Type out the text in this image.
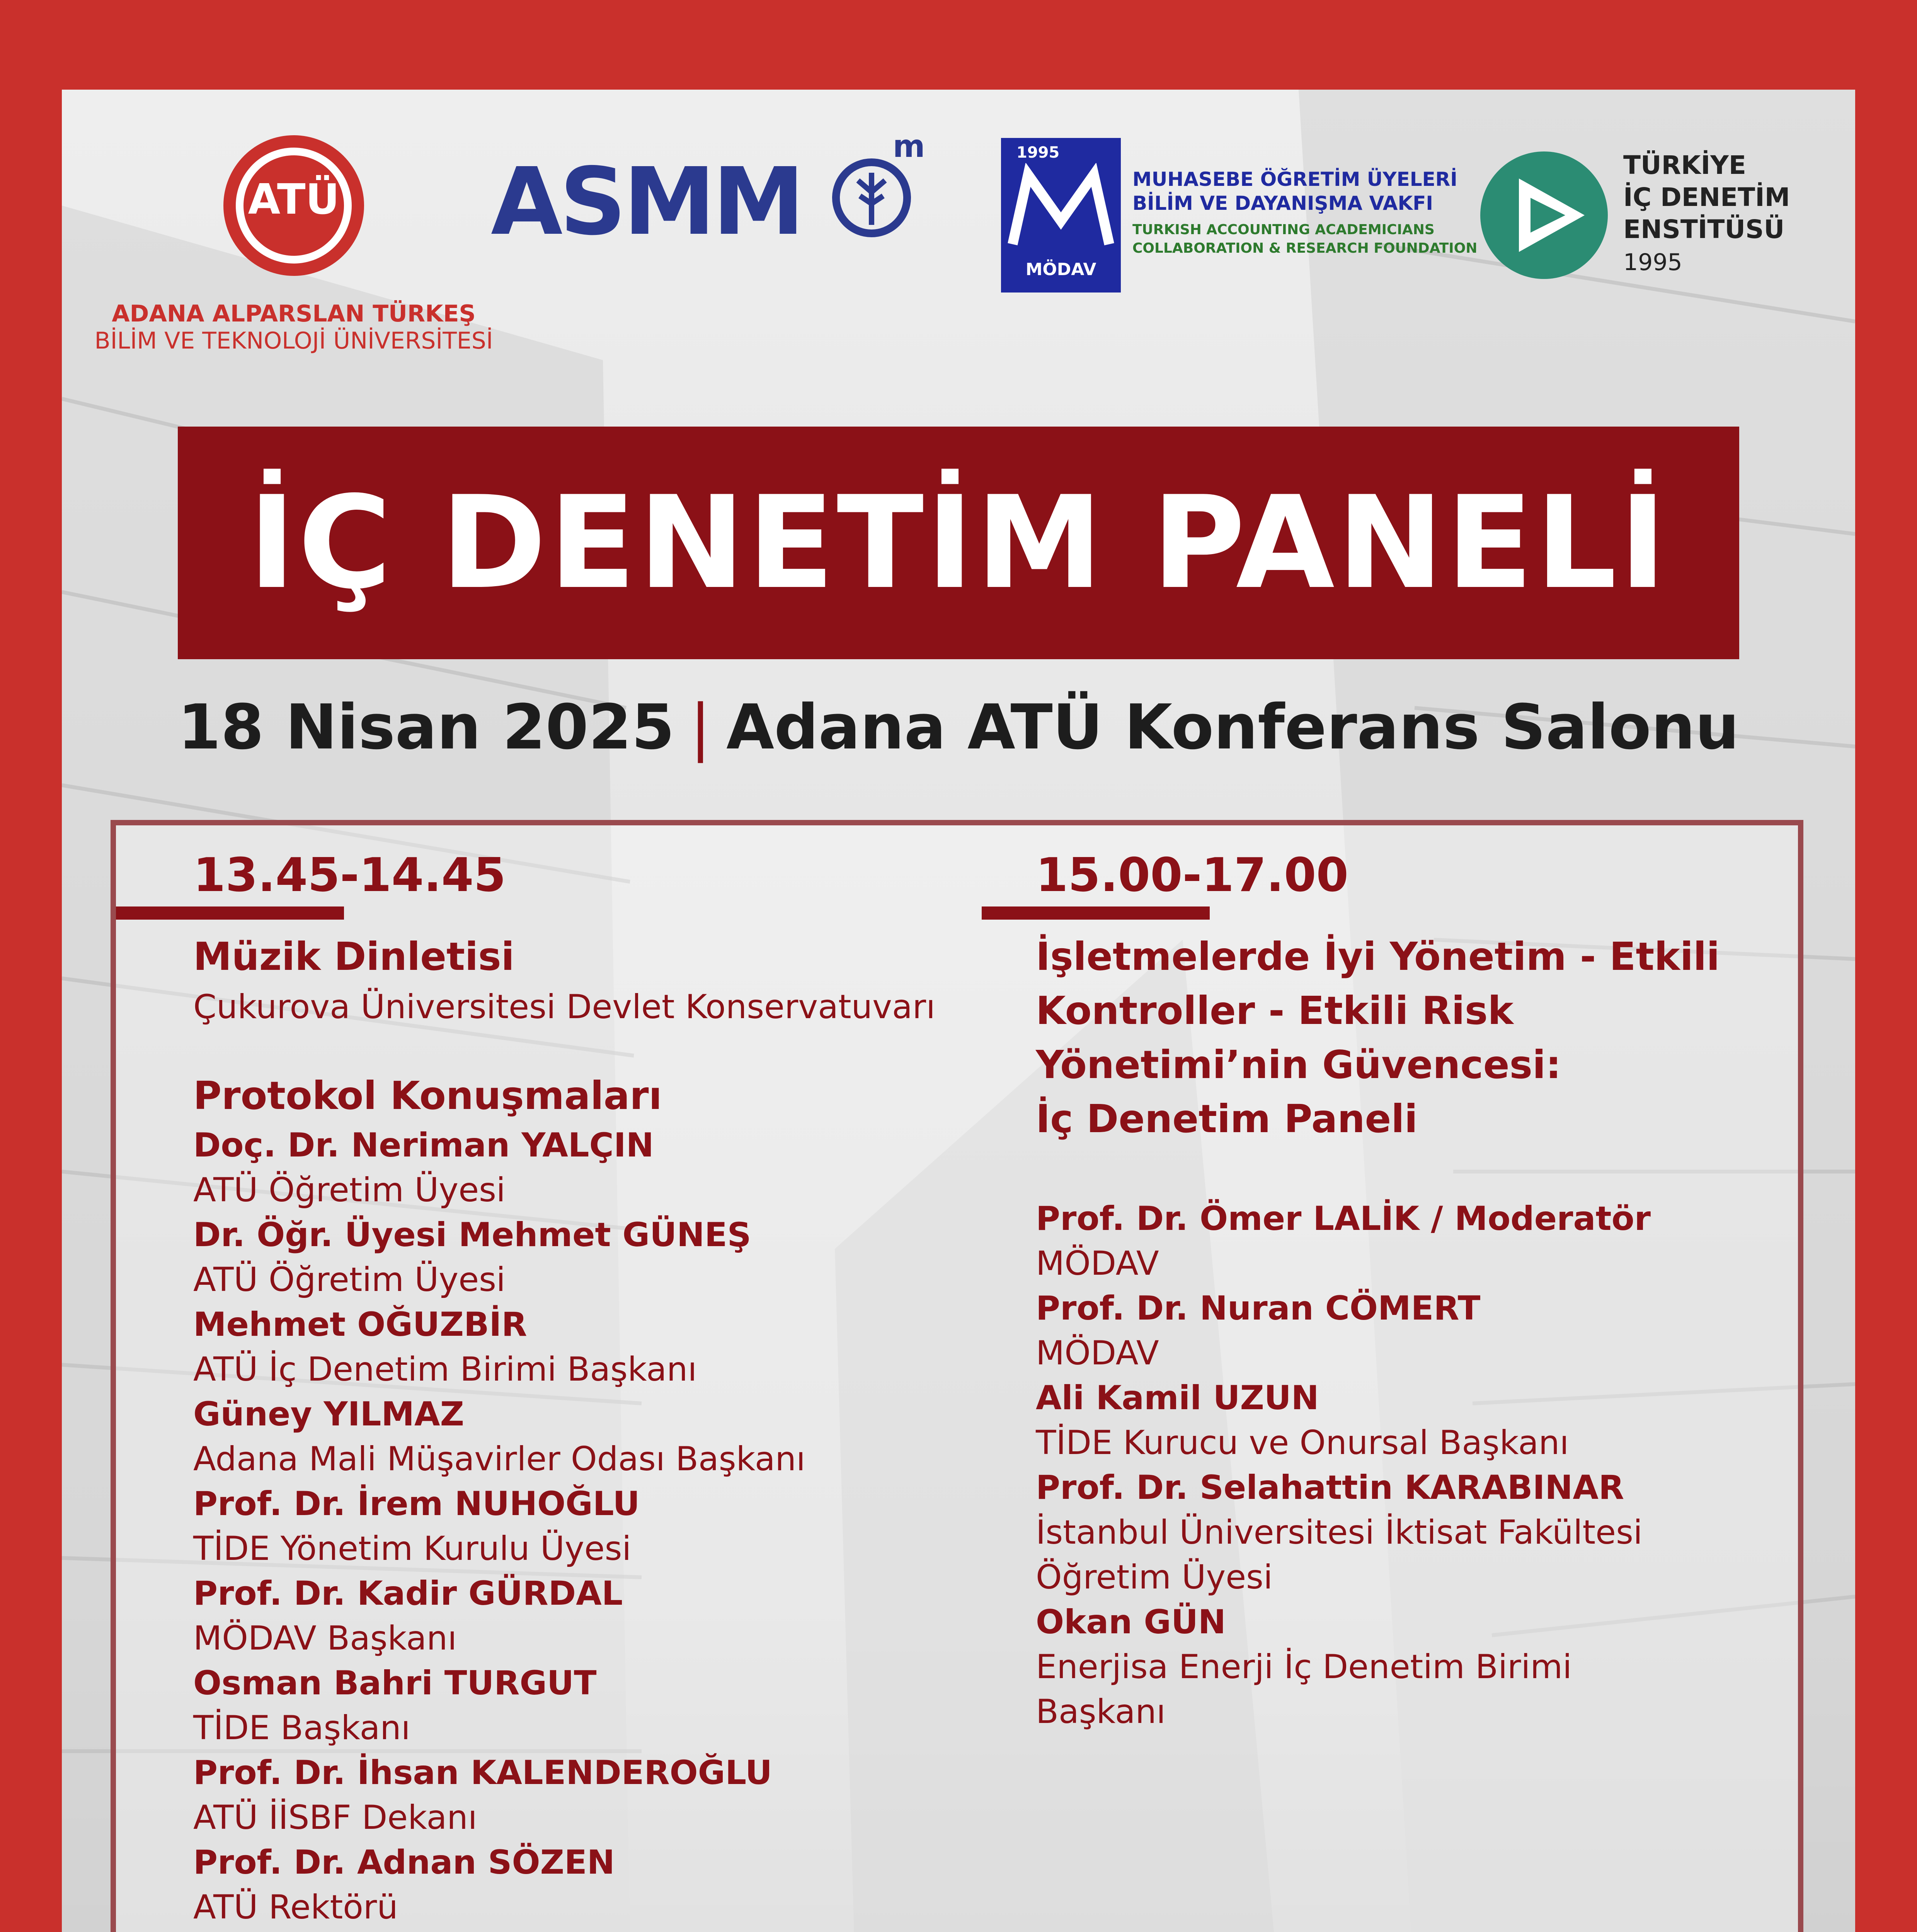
ATÜ
ADANA ALPARSLAN TÜRKEŞ
BİLİM VE TEKNOLOJİ ÜNİVERSİTESİ
ASMM
m	1995
MÖDAV
MUHASEBE ÖĞRETİM ÜYELERİ
BİLİM VE DAYANIŞMA VAKFI
TURKISH ACCOUNTING ACADEMICIANS
COLLABORATION & RESEARCH FOUNDATION
TÜRKİYE
İÇ DENETİM
ENSTİTÜSÜ
1995
İÇ DENETİM PANELİ
18 Nisan 2025 | Adana ATÜ Konferans Salonu
13.45-14.45
Müzik Dinletisi
Çukurova Üniversitesi Devlet Konservatuvarı
Protokol Konuşmaları
Doç. Dr. Neriman YALÇIN
ATÜ Öğretim Üyesi
Dr. Öğr. Üyesi Mehmet GÜNEŞ
ATÜ Öğretim Üyesi
Mehmet OĞUZBİR
ATÜ İç Denetim Birimi Başkanı
Güney YILMAZ
Adana Mali Müşavirler Odası Başkanı
Prof. Dr. İrem NUHOĞLU
TİDE Yönetim Kurulu Üyesi
Prof. Dr. Kadir GÜRDAL
MÖDAV Başkanı
Osman Bahri TURGUT
TİDE Başkanı
Prof. Dr. İhsan KALENDEROĞLU
ATÜ İİSBF Dekanı
Prof. Dr. Adnan SÖZEN
ATÜ Rektörü
15.00-17.00
İşletmelerde İyi Yönetim - Etkili
Kontroller - Etkili Risk
Yönetimi’nin Güvencesi:
İç Denetim Paneli
Prof. Dr. Ömer LALİK / Moderatör
MÖDAV
Prof. Dr. Nuran CÖMERT
MÖDAV
Ali Kamil UZUN
TİDE Kurucu ve Onursal Başkanı
Prof. Dr. Selahattin KARABINAR
İstanbul Üniversitesi İktisat Fakültesi
Öğretim Üyesi
Okan GÜN
Enerjisa Enerji İç Denetim Birimi
Başkanı
